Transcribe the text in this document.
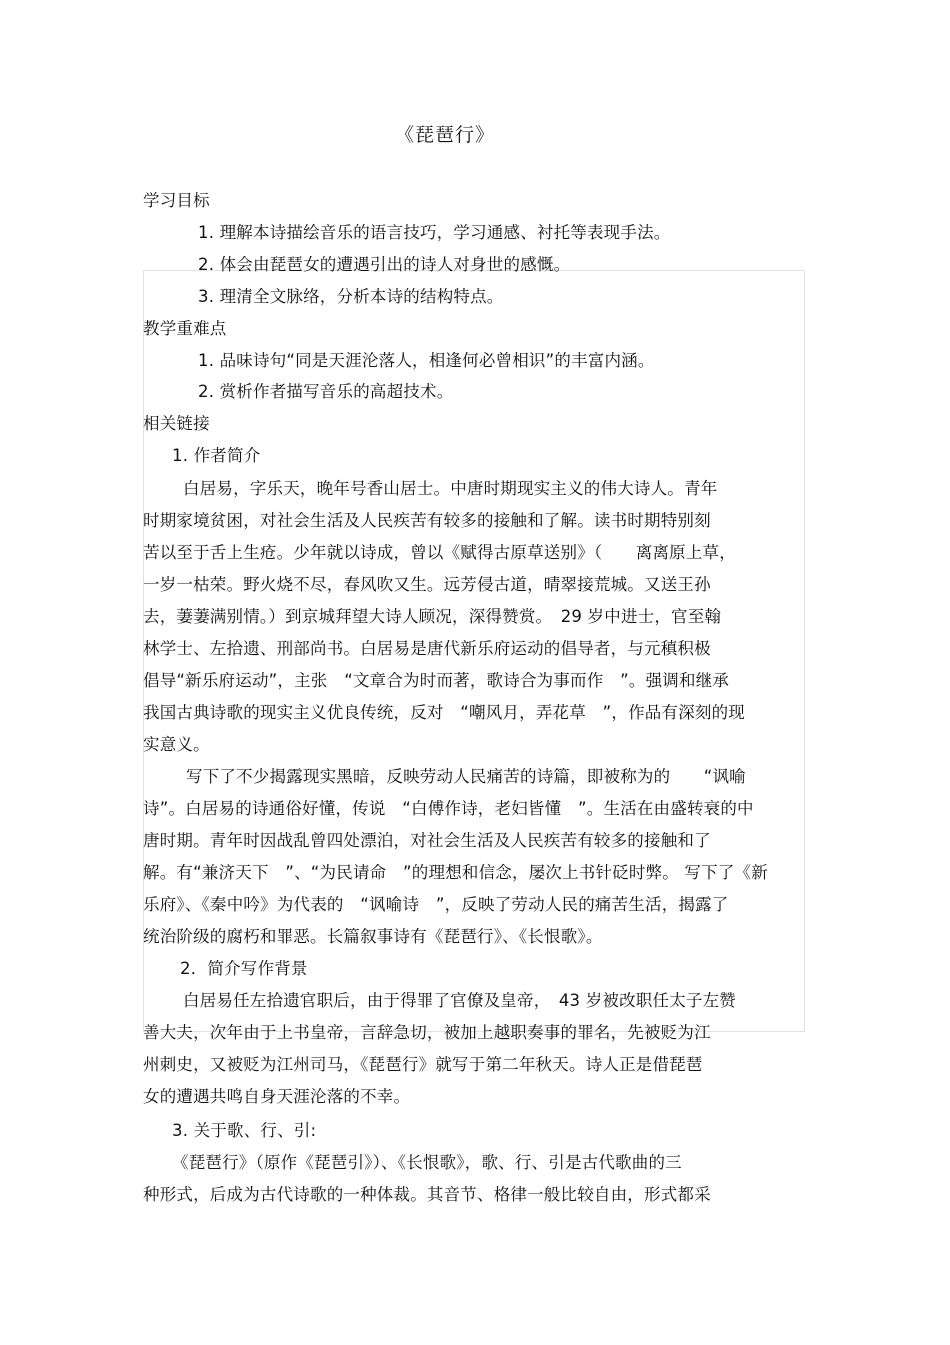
《琵琶行》
学习目标
1. 理解本诗描绘音乐的语言技巧，学习通感、衬托等表现手法。
2. 体会由琵琶女的遭遇引出的诗人对身世的感慨。
3. 理清全文脉络，分析本诗的结构特点。
教学重难点
1. 品味诗句“同是天涯沦落人，相逢何必曾相识”的丰富内涵。
2. 赏析作者描写音乐的高超技术。
相关链接
1. 作者简介
白居易，字乐天，晚年号香山居士。中唐时期现实主义的伟大诗人。青年
时期家境贫困，对社会生活及人民疾苦有较多的接触和了解。读书时期特别刻
苦以至于舌上生疮。少年就以诗成，曾以《赋得古原草送别》（　　离离原上草，
一岁一枯荣。野火烧不尽，春风吹又生。远芳侵古道，晴翠接荒城。又送王孙
去，萋萋满别情。）到京城拜望大诗人顾况，深得赞赏。　29 岁中进士，官至翰
林学士、左拾遗、刑部尚书。白居易是唐代新乐府运动的倡导者，与元稹积极
倡导“新乐府运动”，主张　“文章合为时而著，歌诗合为事而作　”。强调和继承
我国古典诗歌的现实主义优良传统，反对　“嘲风月，弄花草　”，作品有深刻的现
实意义。
写下了不少揭露现实黑暗，反映劳动人民痛苦的诗篇，即被称为的　　“讽喻
诗”。白居易的诗通俗好懂，传说　“白傅作诗，老妇皆懂　”。生活在由盛转衰的中
唐时期。青年时因战乱曾四处漂泊，对社会生活及人民疾苦有较多的接触和了
解。有“兼济天下　”、“为民请命　”的理想和信念，屡次上书针砭时弊。 写下了《新
乐府》、《秦中吟》为代表的　“讽喻诗　”，反映了劳动人民的痛苦生活，揭露了
统治阶级的腐朽和罪恶。长篇叙事诗有《琵琶行》、《长恨歌》。
2．简介写作背景
白居易任左拾遗官职后，由于得罪了官僚及皇帝，　43 岁被改职任太子左赞
善大夫，次年由于上书皇帝，言辞急切，被加上越职奏事的罪名，先被贬为江
州刺史，又被贬为江州司马，《琵琶行》就写于第二年秋天。诗人正是借琵琶
女的遭遇共鸣自身天涯沦落的不幸。
3. 关于歌、行、引:
《琵琶行》（原作《琵琶引》）、《长恨歌》，歌、行、引是古代歌曲的三
种形式，后成为古代诗歌的一种体裁。其音节、格律一般比较自由，形式都采
